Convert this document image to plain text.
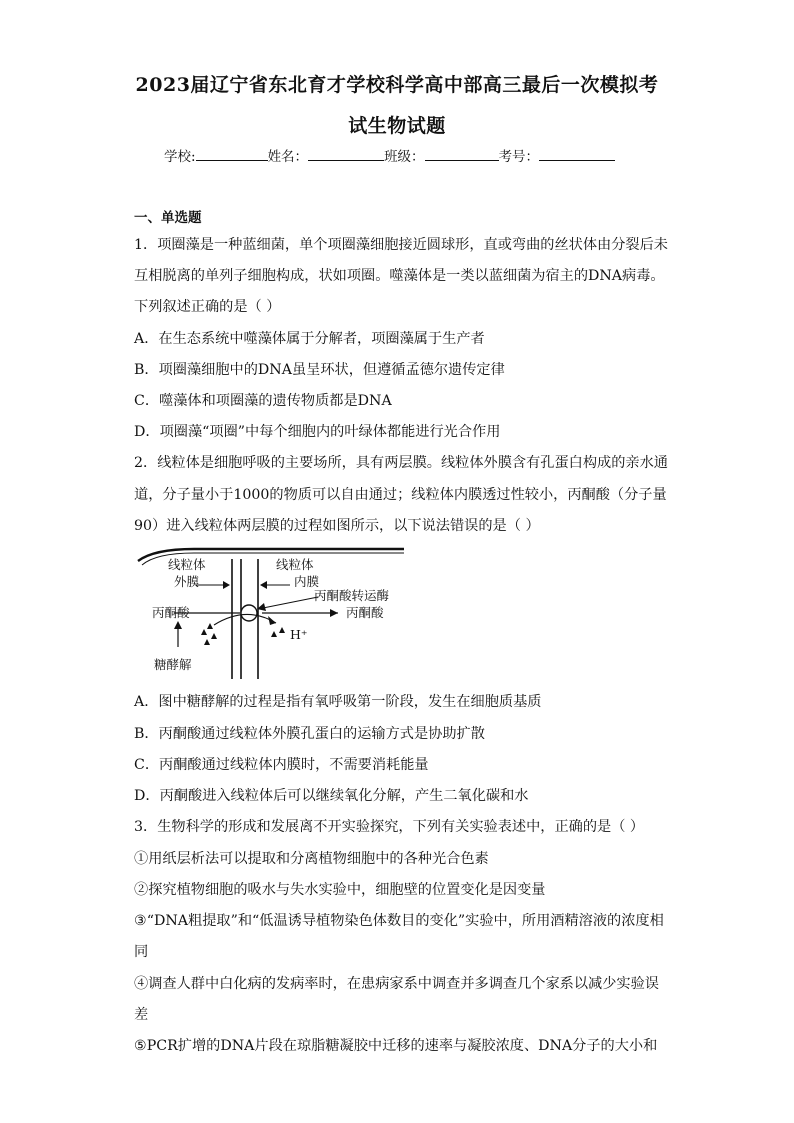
2023届辽宁省东北育才学校科学高中部高三最后一次模拟考
试生物试题
学校:	姓名：	班级：	考号：
一、单选题
1．项圈藻是一种蓝细菌，单个项圈藻细胞接近圆球形，直或弯曲的丝状体由分裂后未
互相脱离的单列子细胞构成，状如项圈。噬藻体是一类以蓝细菌为宿主的DNA病毒。
下列叙述正确的是（ ）
A．在生态系统中噬藻体属于分解者，项圈藻属于生产者
B．项圈藻细胞中的DNA虽呈环状，但遵循孟德尔遗传定律
C．噬藻体和项圈藻的遗传物质都是DNA
D．项圈藻“项圈”中每个细胞内的叶绿体都能进行光合作用
2．线粒体是细胞呼吸的主要场所，具有两层膜。线粒体外膜含有孔蛋白构成的亲水通
道，分子量小于1000的物质可以自由通过；线粒体内膜透过性较小，丙酮酸（分子量
90）进入线粒体两层膜的过程如图所示，以下说法错误的是（ ）
线粒体
外膜
线粒体
内膜
丙酮酸转运酶
丙酮酸	丙酮酸
H⁺
糖酵解
A．图中糖酵解的过程是指有氧呼吸第一阶段，发生在细胞质基质
B．丙酮酸通过线粒体外膜孔蛋白的运输方式是协助扩散
C．丙酮酸通过线粒体内膜时，不需要消耗能量
D．丙酮酸进入线粒体后可以继续氧化分解，产生二氧化碳和水
3．生物科学的形成和发展离不开实验探究，下列有关实验表述中，正确的是（ ）
①用纸层析法可以提取和分离植物细胞中的各种光合色素
②探究植物细胞的吸水与失水实验中，细胞壁的位置变化是因变量
③“DNA粗提取”和“低温诱导植物染色体数目的变化”实验中，所用酒精溶液的浓度相
同
④调查人群中白化病的发病率时，在患病家系中调查并多调查几个家系以减少实验误
差
⑤PCR扩增的DNA片段在琼脂糖凝胶中迁移的速率与凝胶浓度、DNA分子的大小和
